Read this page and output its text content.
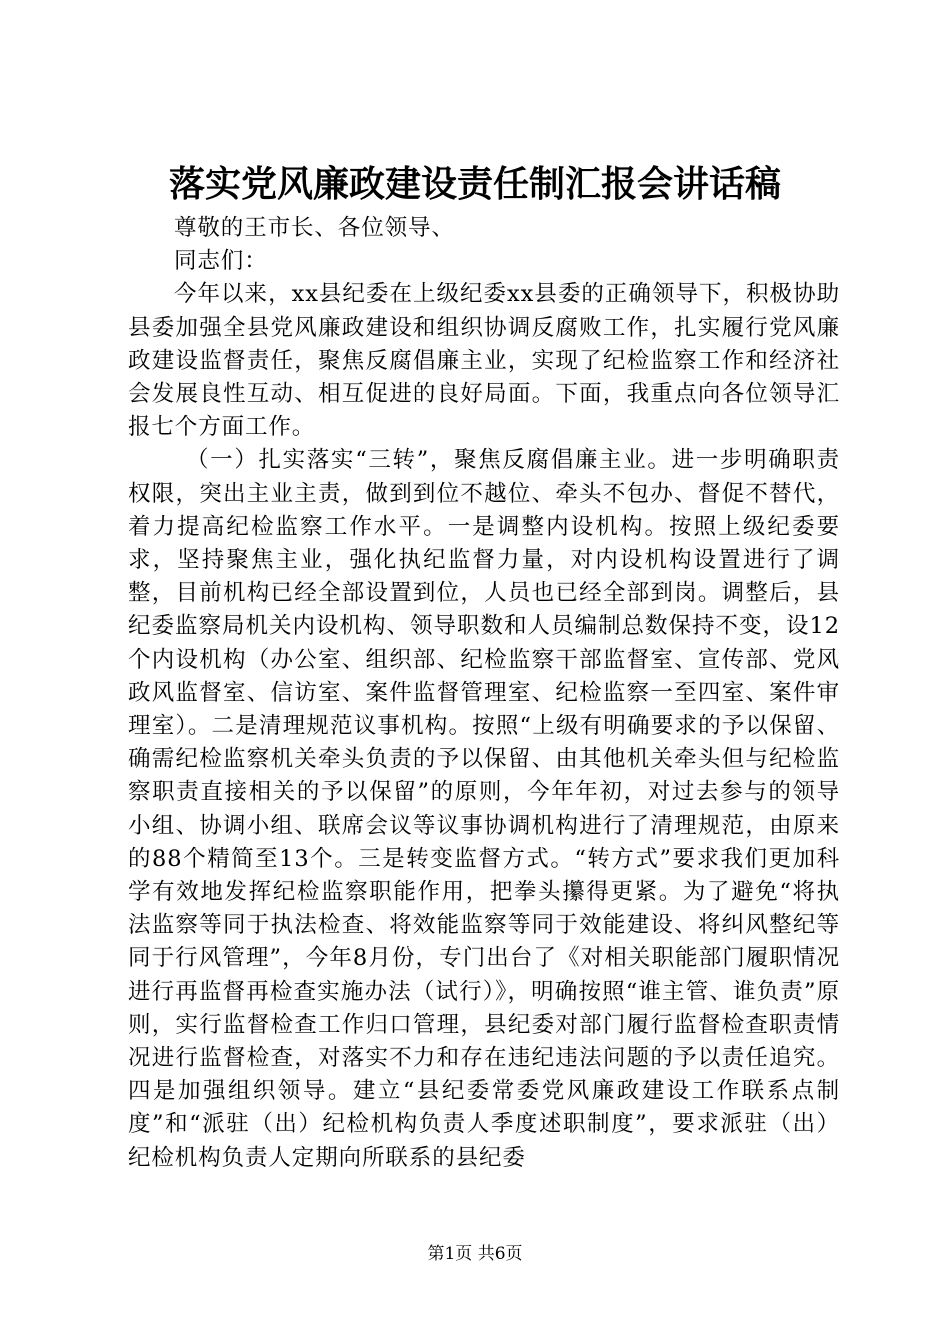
落实党风廉政建设责任制汇报会讲话稿

尊敬的王市长、各位领导、

同志们：

今年以来，xx县纪委在上级纪委xx县委的正确领导下，积极协助县委加强全县党风廉政建设和组织协调反腐败工作，扎实履行党风廉政建设监督责任，聚焦反腐倡廉主业，实现了纪检监察工作和经济社会发展良性互动、相互促进的良好局面。下面，我重点向各位领导汇报七个方面工作。

（一）扎实落实“三转”，聚焦反腐倡廉主业。进一步明确职责权限，突出主业主责，做到到位不越位、牵头不包办、督促不替代，着力提高纪检监察工作水平。一是调整内设机构。按照上级纪委要求，坚持聚焦主业，强化执纪监督力量，对内设机构设置进行了调整，目前机构已经全部设置到位，人员也已经全部到岗。调整后，县纪委监察局机关内设机构、领导职数和人员编制总数保持不变，设12个内设机构（办公室、组织部、纪检监察干部监督室、宣传部、党风政风监督室、信访室、案件监督管理室、纪检监察一至四室、案件审理室）。二是清理规范议事机构。按照“上级有明确要求的予以保留、确需纪检监察机关牵头负责的予以保留、由其他机关牵头但与纪检监察职责直接相关的予以保留”的原则，今年年初，对过去参与的领导小组、协调小组、联席会议等议事协调机构进行了清理规范，由原来的88个精简至13个。三是转变监督方式。“转方式”要求我们更加科学有效地发挥纪检监察职能作用，把拳头攥得更紧。为了避免“将执法监察等同于执法检查、将效能监察等同于效能建设、将纠风整纪等同于行风管理”，今年8月份，专门出台了《对相关职能部门履职情况进行再监督再检查实施办法（试行）》，明确按照“谁主管、谁负责”原则，实行监督检查工作归口管理，县纪委对部门履行监督检查职责情况进行监督检查，对落实不力和存在违纪违法问题的予以责任追究。四是加强组织领导。建立“县纪委常委党风廉政建设工作联系点制度”和“派驻（出）纪检机构负责人季度述职制度”，要求派驻（出）纪检机构负责人定期向所联系的县纪委

第1页 共6页
